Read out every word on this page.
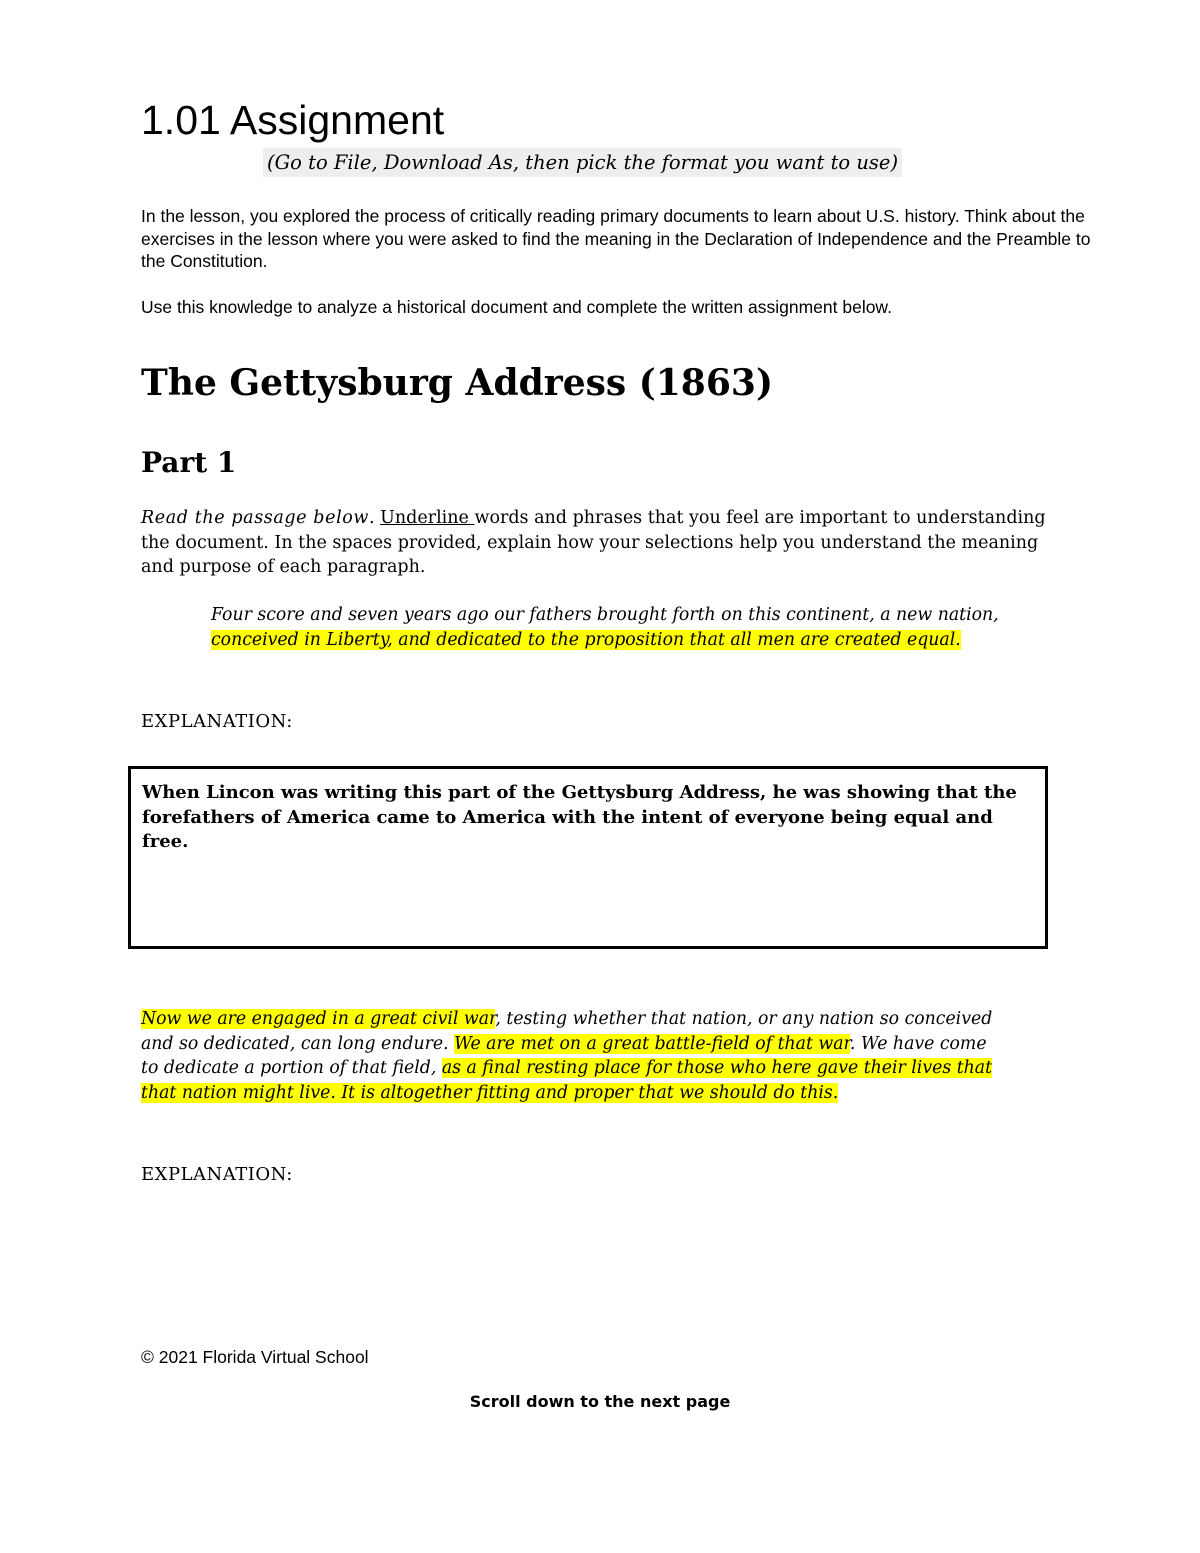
1.01 Assignment
(Go to File, Download As, then pick the format you want to use)

In the lesson, you explored the process of critically reading primary documents to learn about U.S. history. Think about the exercises in the lesson where you were asked to find the meaning in the Declaration of Independence and the Preamble to the Constitution.

Use this knowledge to analyze a historical document and complete the written assignment below.

The Gettysburg Address (1863)
Part 1

Read the passage below. Underline words and phrases that you feel are important to understanding the document. In the spaces provided, explain how your selections help you understand the meaning and purpose of each paragraph.

Four score and seven years ago our fathers brought forth on this continent, a new nation, conceived in Liberty, and dedicated to the proposition that all men are created equal.

EXPLANATION:

When Lincon was writing this part of the Gettysburg Address, he was showing that the forefathers of America came to America with the intent of everyone being equal and free.

Now we are engaged in a great civil war, testing whether that nation, or any nation so conceived and so dedicated, can long endure. We are met on a great battle-field of that war. We have come to dedicate a portion of that field, as a final resting place for those who here gave their lives that that nation might live. It is altogether fitting and proper that we should do this.

EXPLANATION:

© 2021 Florida Virtual School

Scroll down to the next page
